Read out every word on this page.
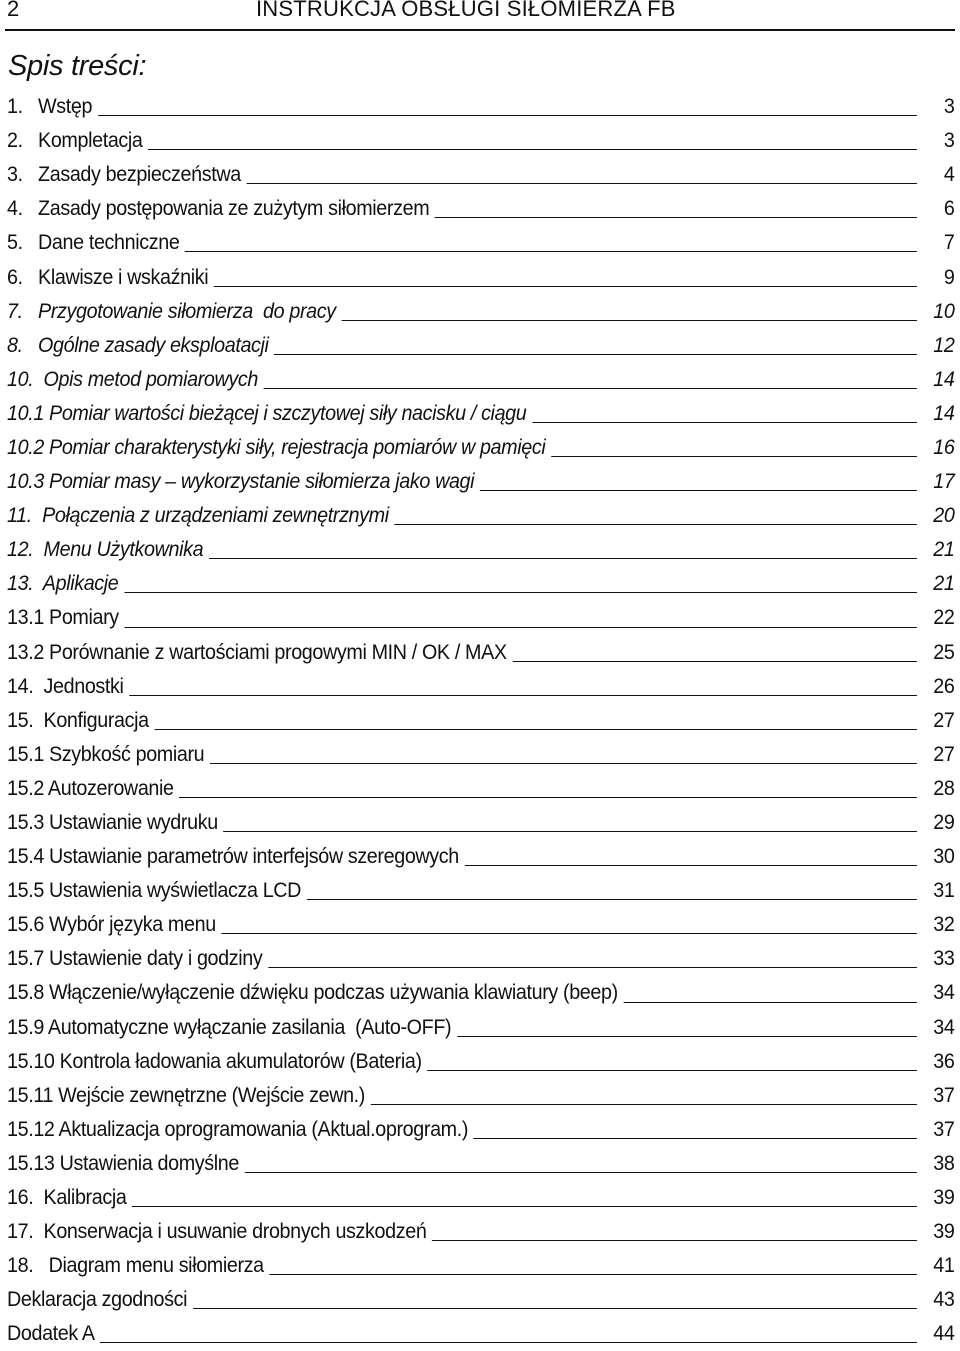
2	INSTRUKCJA OBSŁUGI SIŁOMIERZA FB
Spis treści:
1.   Wstęp	3
2.   Kompletacja	3
3.   Zasady bezpieczeństwa	4
4.   Zasady postępowania ze zużytym siłomierzem	6
5.   Dane techniczne	7
6.   Klawisze i wskaźniki	9
7.   Przygotowanie siłomierza  do pracy	10
8.   Ogólne zasady eksploatacji	12
10.  Opis metod pomiarowych	14
10.1 Pomiar wartości bieżącej i szczytowej siły nacisku / ciągu	14
10.2 Pomiar charakterystyki siły, rejestracja pomiarów w pamięci	16
10.3 Pomiar masy – wykorzystanie siłomierza jako wagi	17
11.  Połączenia z urządzeniami zewnętrznymi	20
12.  Menu Użytkownika	21
13.  Aplikacje	21
13.1 Pomiary	22
13.2 Porównanie z wartościami progowymi MIN / OK / MAX	25
14.  Jednostki	26
15.  Konfiguracja	27
15.1 Szybkość pomiaru	27
15.2 Autozerowanie	28
15.3 Ustawianie wydruku	29
15.4 Ustawianie parametrów interfejsów szeregowych	30
15.5 Ustawienia wyświetlacza LCD	31
15.6 Wybór języka menu	32
15.7 Ustawienie daty i godziny	33
15.8 Włączenie/wyłączenie dźwięku podczas używania klawiatury (beep)	34
15.9 Automatyczne wyłączanie zasilania  (Auto-OFF)	34
15.10 Kontrola ładowania akumulatorów (Bateria)	36
15.11 Wejście zewnętrzne (Wejście zewn.)	37
15.12 Aktualizacja oprogramowania (Aktual.oprogram.)	37
15.13 Ustawienia domyślne	38
16.  Kalibracja	39
17.  Konserwacja i usuwanie drobnych uszkodzeń	39
18.   Diagram menu siłomierza	41
Deklaracja zgodności	43
Dodatek A	44
